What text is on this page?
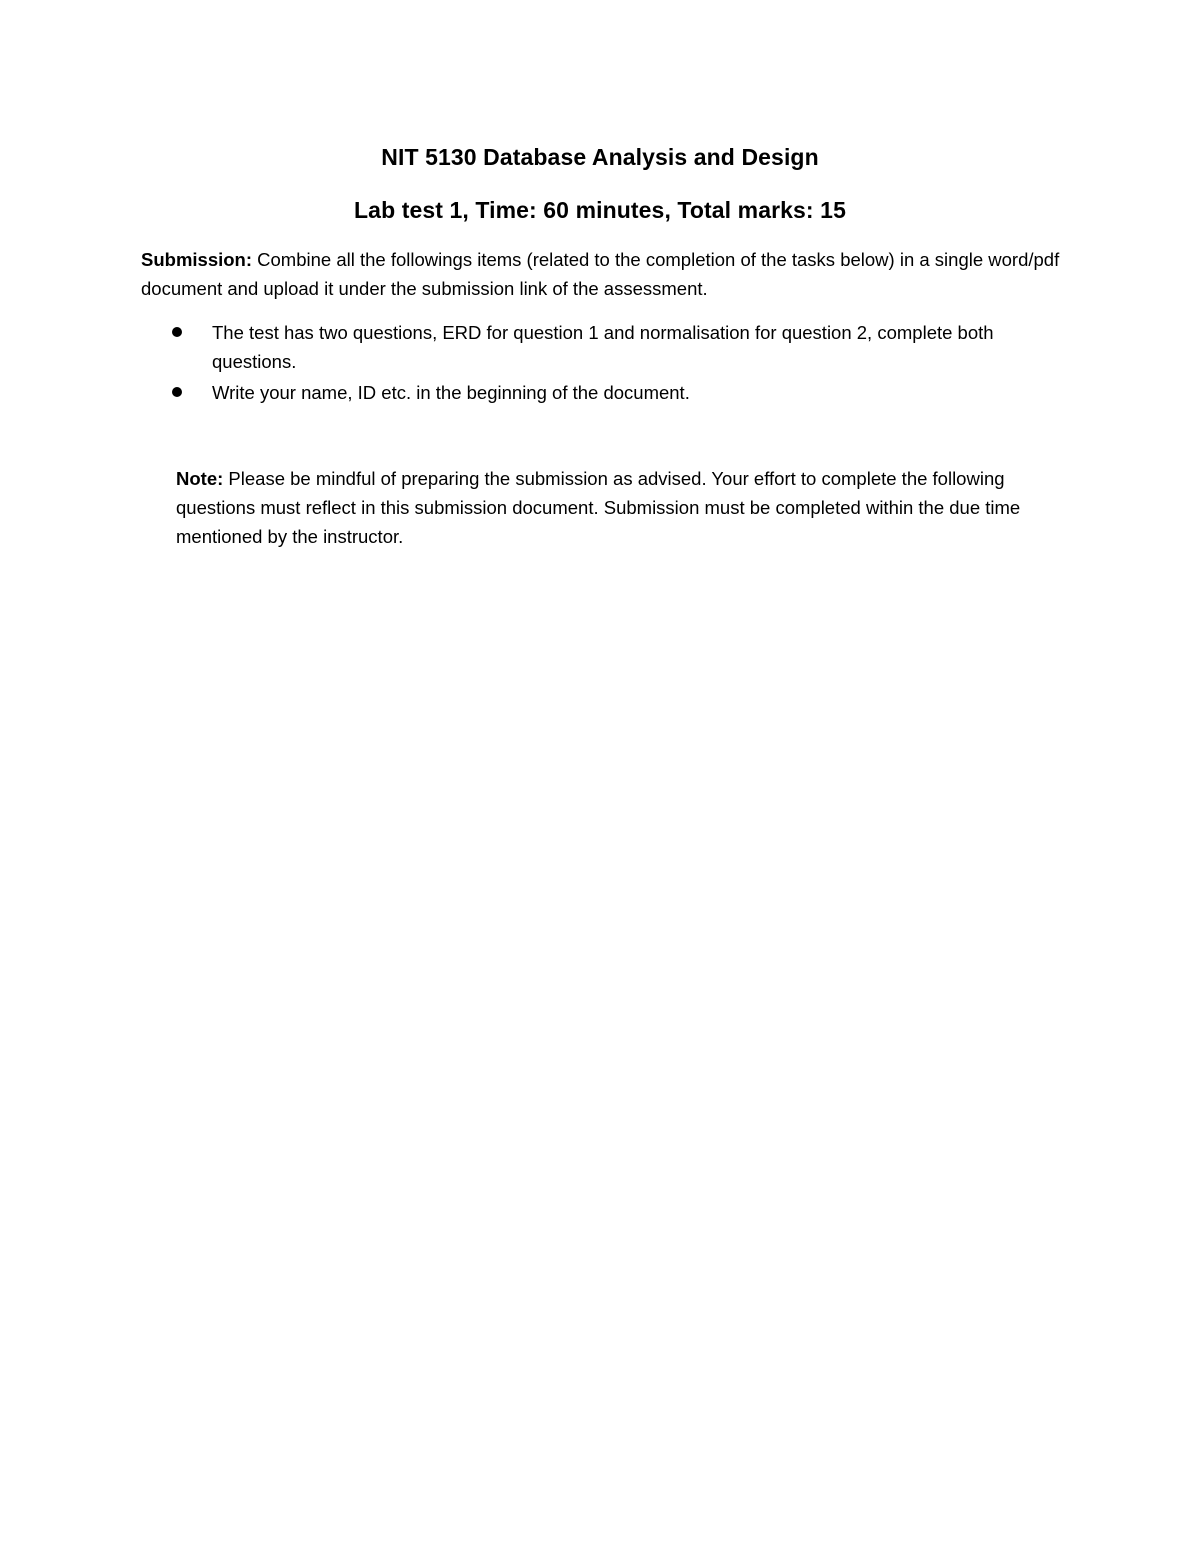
NIT 5130 Database Analysis and Design
Lab test 1, Time: 60 minutes, Total marks: 15

Submission: Combine all the followings items (related to the completion of the tasks below) in a single word/pdf document and upload it under the submission link of the assessment.

The test has two questions, ERD for question 1 and normalisation for question 2, complete both questions.
Write your name, ID etc. in the beginning of the document.

Note: Please be mindful of preparing the submission as advised. Your effort to complete the following questions must reflect in this submission document. Submission must be completed within the due time mentioned by the instructor.
